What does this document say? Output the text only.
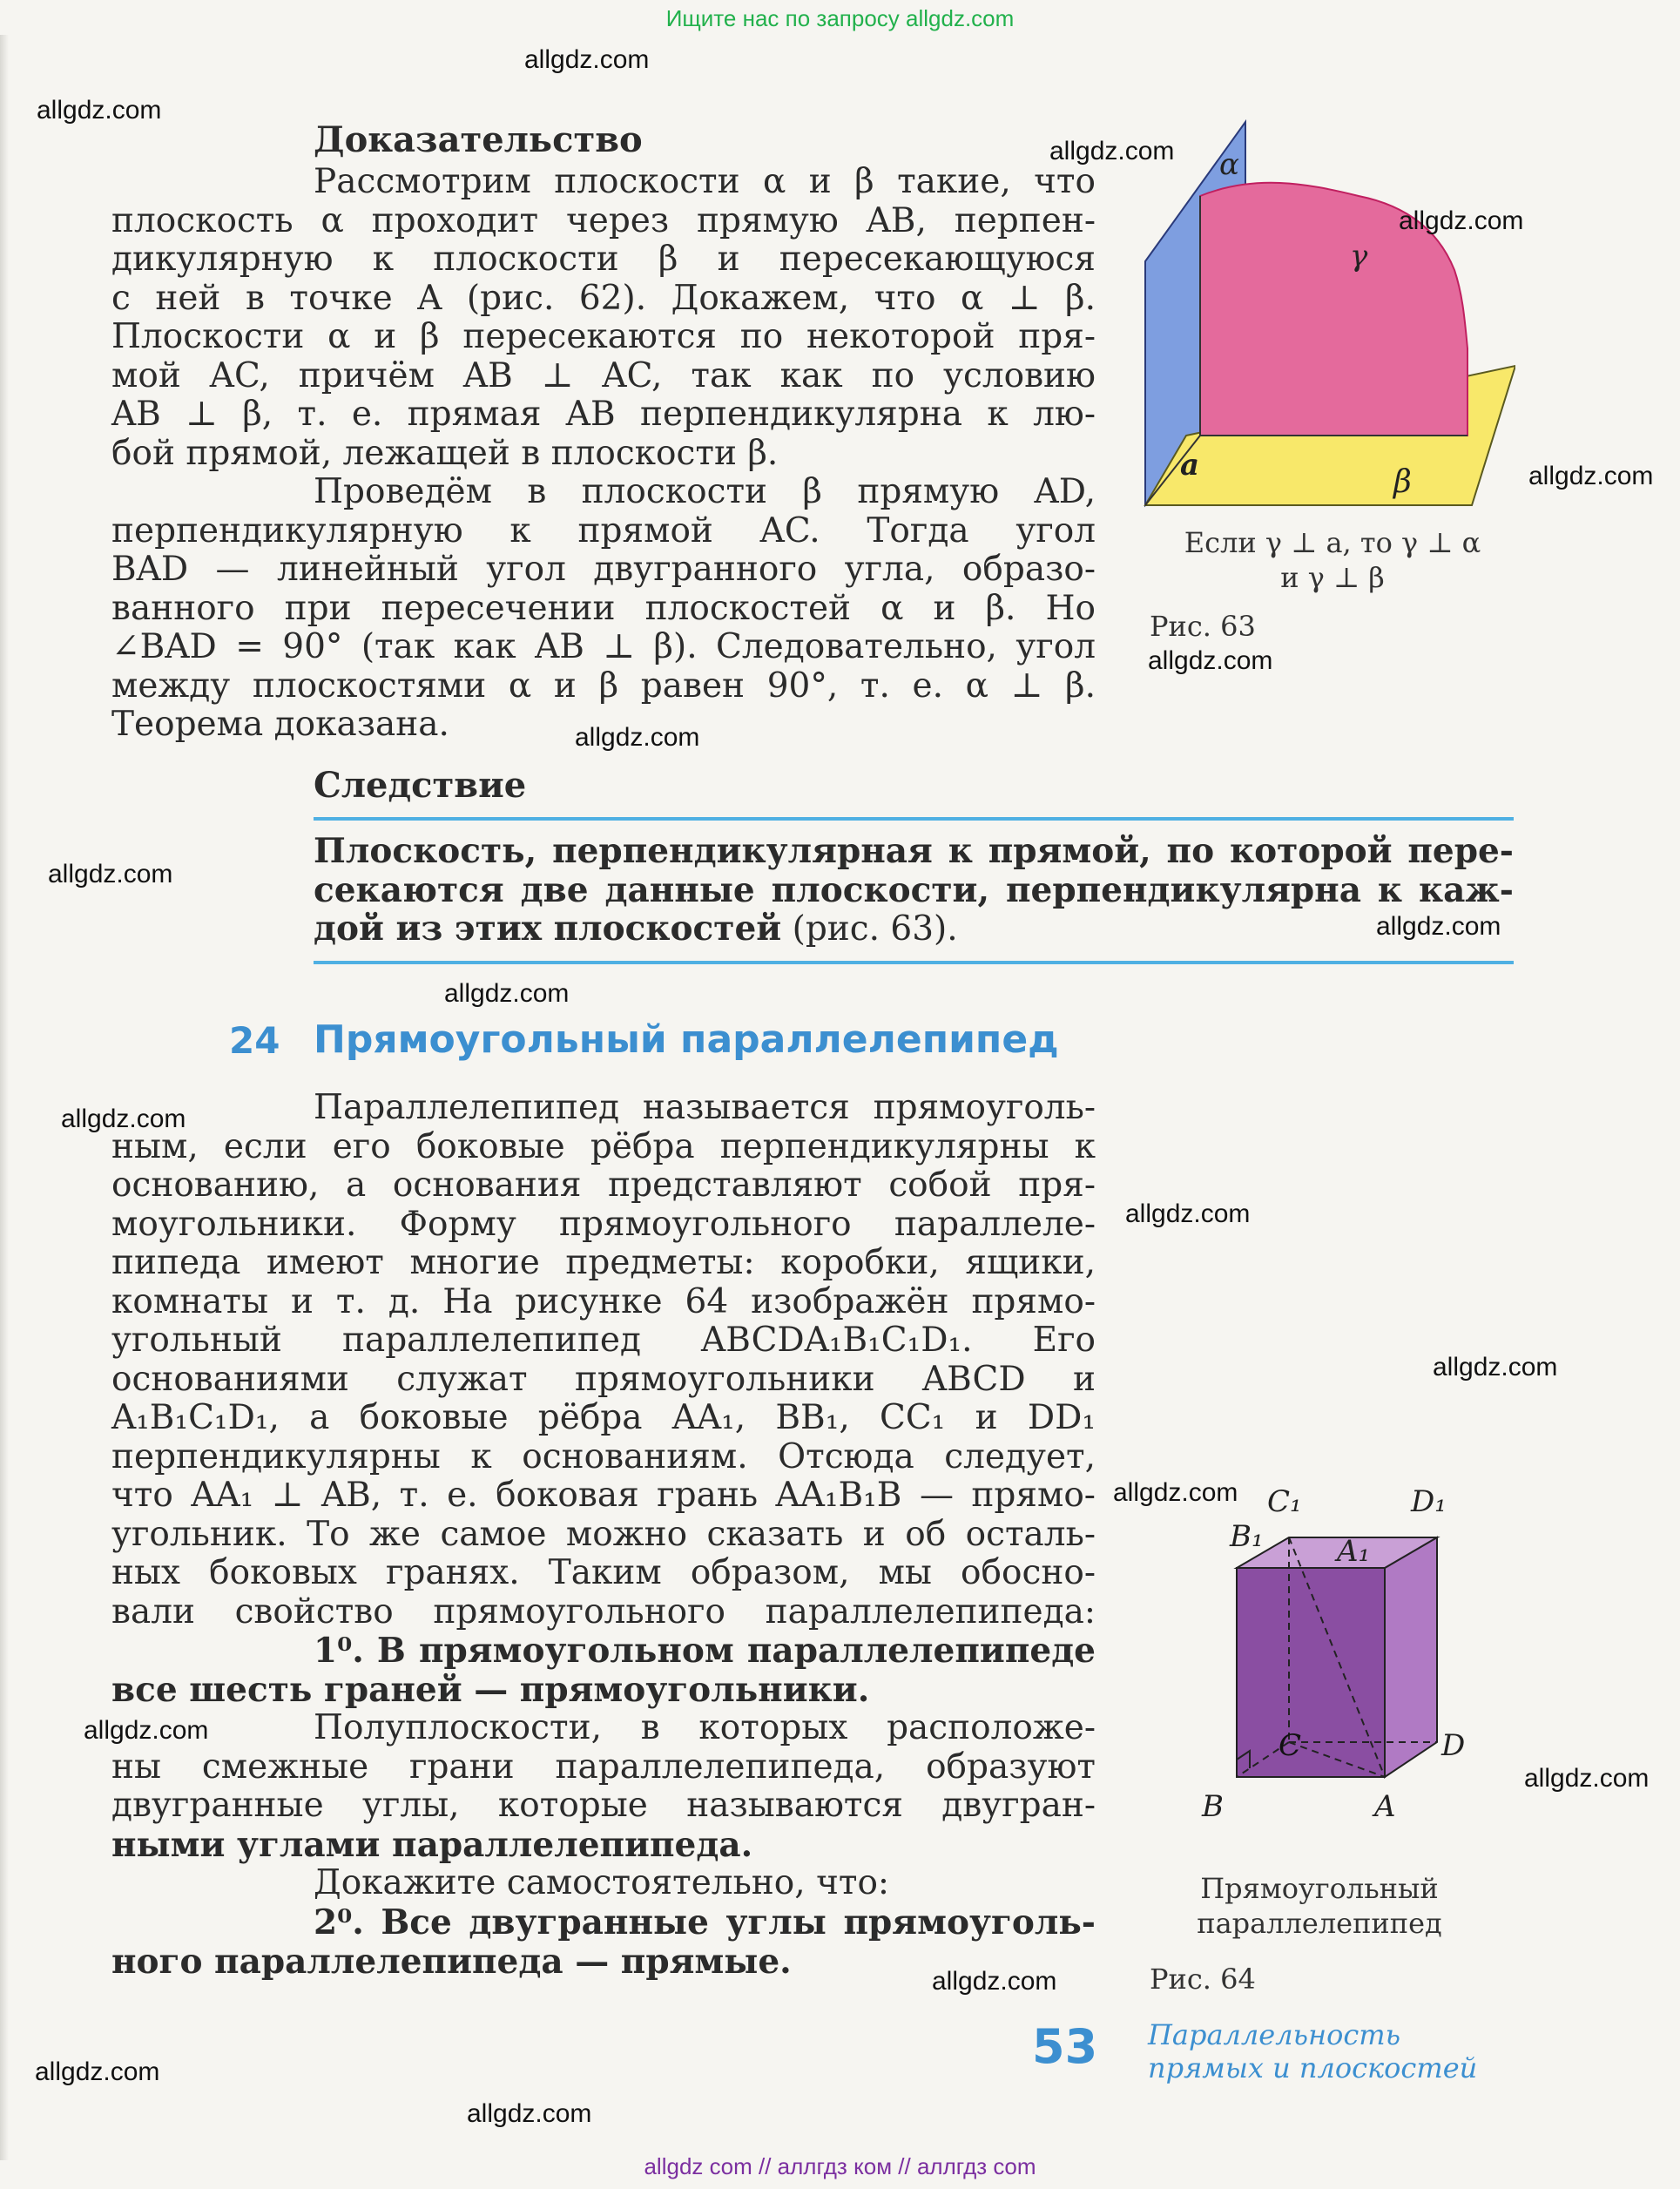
Ищите нас по запросу allgdz.com
Доказательство
Рассмотрим плоскости α и β такие, что
плоскость α проходит через прямую AB, перпен-
дикулярную к плоскости β и пересекающуюся
с ней в точке A (рис. 62). Докажем, что α ⊥ β.
Плоскости α и β пересекаются по некоторой пря-
мой AC, причём AB ⊥ AC, так как по условию
AB ⊥ β, т. е. прямая AB перпендикулярна к лю-
бой прямой, лежащей в плоскости β.
Проведём в плоскости β прямую AD,
перпендикулярную к прямой AC. Тогда угол
BAD — линейный угол двугранного угла, образо-
ванного при пересечении плоскостей α и β. Но
∠BAD = 90° (так как AB ⊥ β). Следовательно, угол
между плоскостями α и β равен 90°, т. е. α ⊥ β.
Теорема доказана.
Следствие
Плоскость, перпендикулярная к прямой, по которой пере-
секаются две данные плоскости, перпендикулярна к каж-
дой из этих плоскостей (рис. 63).
24 Прямоугольный параллелепипед
Параллелепипед называется прямоуголь-
ным, если его боковые рёбра перпендикулярны к
основанию, а основания представляют собой пря-
моугольники. Форму прямоугольного параллеле-
пипеда имеют многие предметы: коробки, ящики,
комнаты и т. д. На рисунке 64 изображён прямо-
угольный параллелепипед ABCDA₁B₁C₁D₁. Его
основаниями служат прямоугольники ABCD и
A₁B₁C₁D₁, а боковые рёбра AA₁, BB₁, CC₁ и DD₁
перпендикулярны к основаниям. Отсюда следует,
что AA₁ ⊥ AB, т. е. боковая грань AA₁B₁B — прямо-
угольник. То же самое можно сказать и об осталь-
ных боковых гранях. Таким образом, мы обосно-
вали свойство прямоугольного параллелепипеда:
1⁰. В прямоугольном параллелепипеде
все шесть граней — прямоугольники.
Полуплоскости, в которых расположе-
ны смежные грани параллелепипеда, образуют
двугранные углы, которые называются двугран-
ными углами параллелепипеда.
Докажите самостоятельно, что:
2⁰. Все двугранные углы прямоуголь-
ного параллелепипеда — прямые.
α
γ
a	β
Если γ ⊥ a, то γ ⊥ α
и γ ⊥ β
Рис. 63
B₁
C₁
A₁
D₁
C	D
B	A
Прямоугольный
параллелепипед
Рис. 64
53 Параллельность
прямых и плоскостей
allgdz.com
allgdz.com
allgdz.com
allgdz.com
allgdz.com
allgdz.com
allgdz.com
allgdz.com
allgdz.com
allgdz.com
allgdz.com
allgdz.com
allgdz.com
allgdz.com
allgdz.com
allgdz.com
allgdz.com
allgdz.com
allgdz.com
allgdz com // аллгдз ком // аллгдз com
